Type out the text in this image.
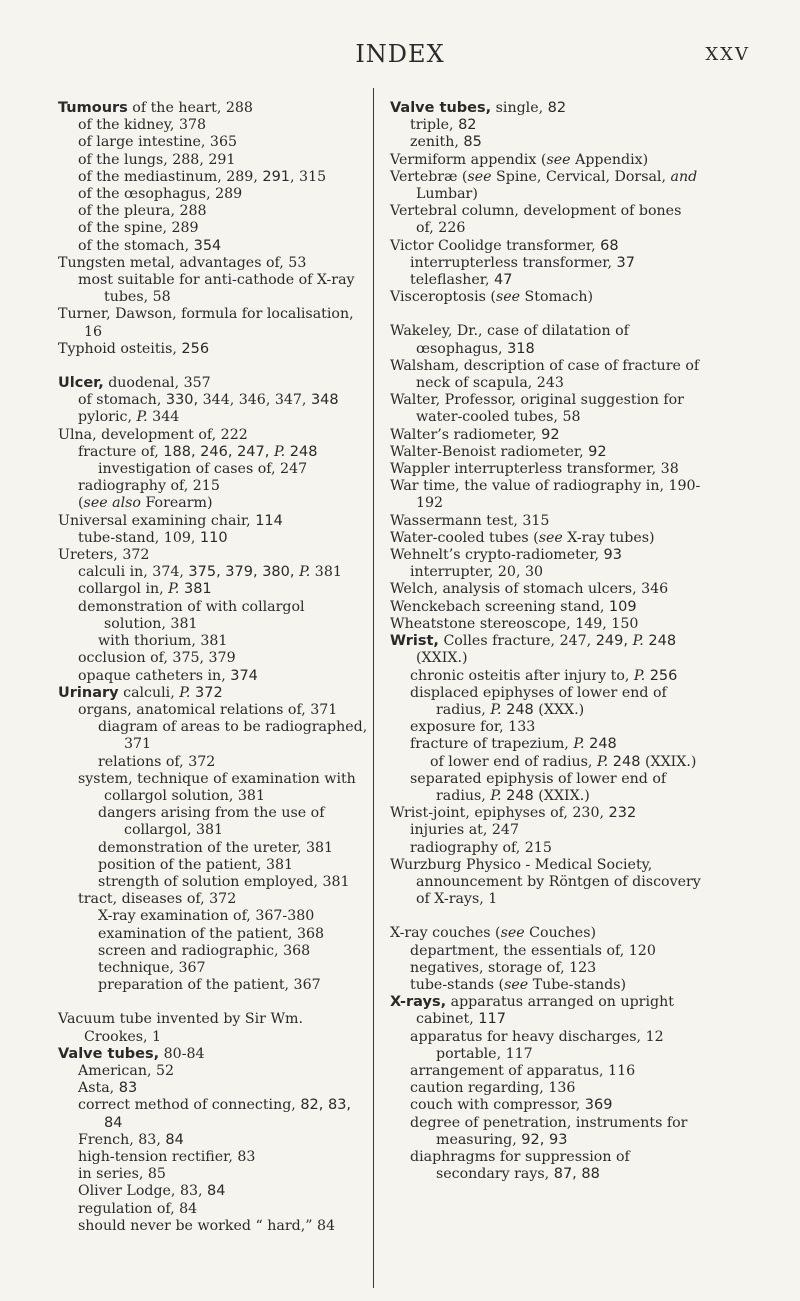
INDEX	XXV

Tumours of the heart, 288

of the kidney, 378

of large intestine, 365

of the lungs, 288, 291

of the mediastinum, 289, 291, 315

of the œsophagus, 289

of the pleura, 288

of the spine, 289

of the stomach, 354

Tungsten metal, advantages of, 53

most suitable for anti-cathode of X-ray tubes, 58

Turner, Dawson, formula for localisation, 16

Typhoid osteitis, 256

Ulcer, duodenal, 357

of stomach, 330, 344, 346, 347, 348

pyloric, P. 344

Ulna, development of, 222

fracture of, 188, 246, 247, P. 248

investigation of cases of, 247

radiography of, 215

(see also Forearm)

Universal examining chair, 114

tube-stand, 109, 110

Ureters, 372

calculi in, 374, 375, 379, 380, P. 381

collargol in, P. 381

demonstration of with collargol solution, 381

with thorium, 381

occlusion of, 375, 379

opaque catheters in, 374

Urinary calculi, P. 372

organs, anatomical relations of, 371

diagram of areas to be radiographed, 371

relations of, 372

system, technique of examination with collargol solution, 381

dangers arising from the use of collargol, 381

demonstration of the ureter, 381

position of the patient, 381

strength of solution employed, 381

tract, diseases of, 372

X-ray examination of, 367-380

examination of the patient, 368

screen and radiographic, 368

technique, 367

preparation of the patient, 367

Vacuum tube invented by Sir Wm. Crookes, 1

Valve tubes, 80-84

American, 52

Asta, 83

correct method of connecting, 82, 83, 84

French, 83, 84

high-tension rectifier, 83

in series, 85

Oliver Lodge, 83, 84

regulation of, 84

should never be worked “ hard,” 84

Valve tubes, single, 82

triple, 82

zenith, 85

Vermiform appendix (see Appendix)

Vertebræ (see Spine, Cervical, Dorsal, and Lumbar)

Vertebral column, development of bones of, 226

Victor Coolidge transformer, 68

interrupterless transformer, 37

teleflasher, 47

Visceroptosis (see Stomach)

Wakeley, Dr., case of dilatation of œsophagus, 318

Walsham, description of case of fracture of neck of scapula, 243

Walter, Professor, original suggestion for water-cooled tubes, 58

Walter’s radiometer, 92

Walter-Benoist radiometer, 92

Wappler interrupterless transformer, 38

War time, the value of radiography in, 190-192

Wassermann test, 315

Water-cooled tubes (see X-ray tubes)

Wehnelt’s crypto-radiometer, 93

interrupter, 20, 30

Welch, analysis of stomach ulcers, 346

Wenckebach screening stand, 109

Wheatstone stereoscope, 149, 150

Wrist, Colles fracture, 247, 249, P. 248 (XXIX.)

chronic osteitis after injury to, P. 256

displaced epiphyses of lower end of radius, P. 248 (XXX.)

exposure for, 133

fracture of trapezium, P. 248

of lower end of radius, P. 248 (XXIX.)

separated epiphysis of lower end of radius, P. 248 (XXIX.)

Wrist-joint, epiphyses of, 230, 232

injuries at, 247

radiography of, 215

Wurzburg Physico - Medical Society, announcement by Röntgen of discovery of X-rays, 1

X-ray couches (see Couches)

department, the essentials of, 120

negatives, storage of, 123

tube-stands (see Tube-stands)

X-rays, apparatus arranged on upright cabinet, 117

apparatus for heavy discharges, 12 portable, 117

arrangement of apparatus, 116

caution regarding, 136

couch with compressor, 369

degree of penetration, instruments for measuring, 92, 93

diaphragms for suppression of secondary rays, 87, 88
